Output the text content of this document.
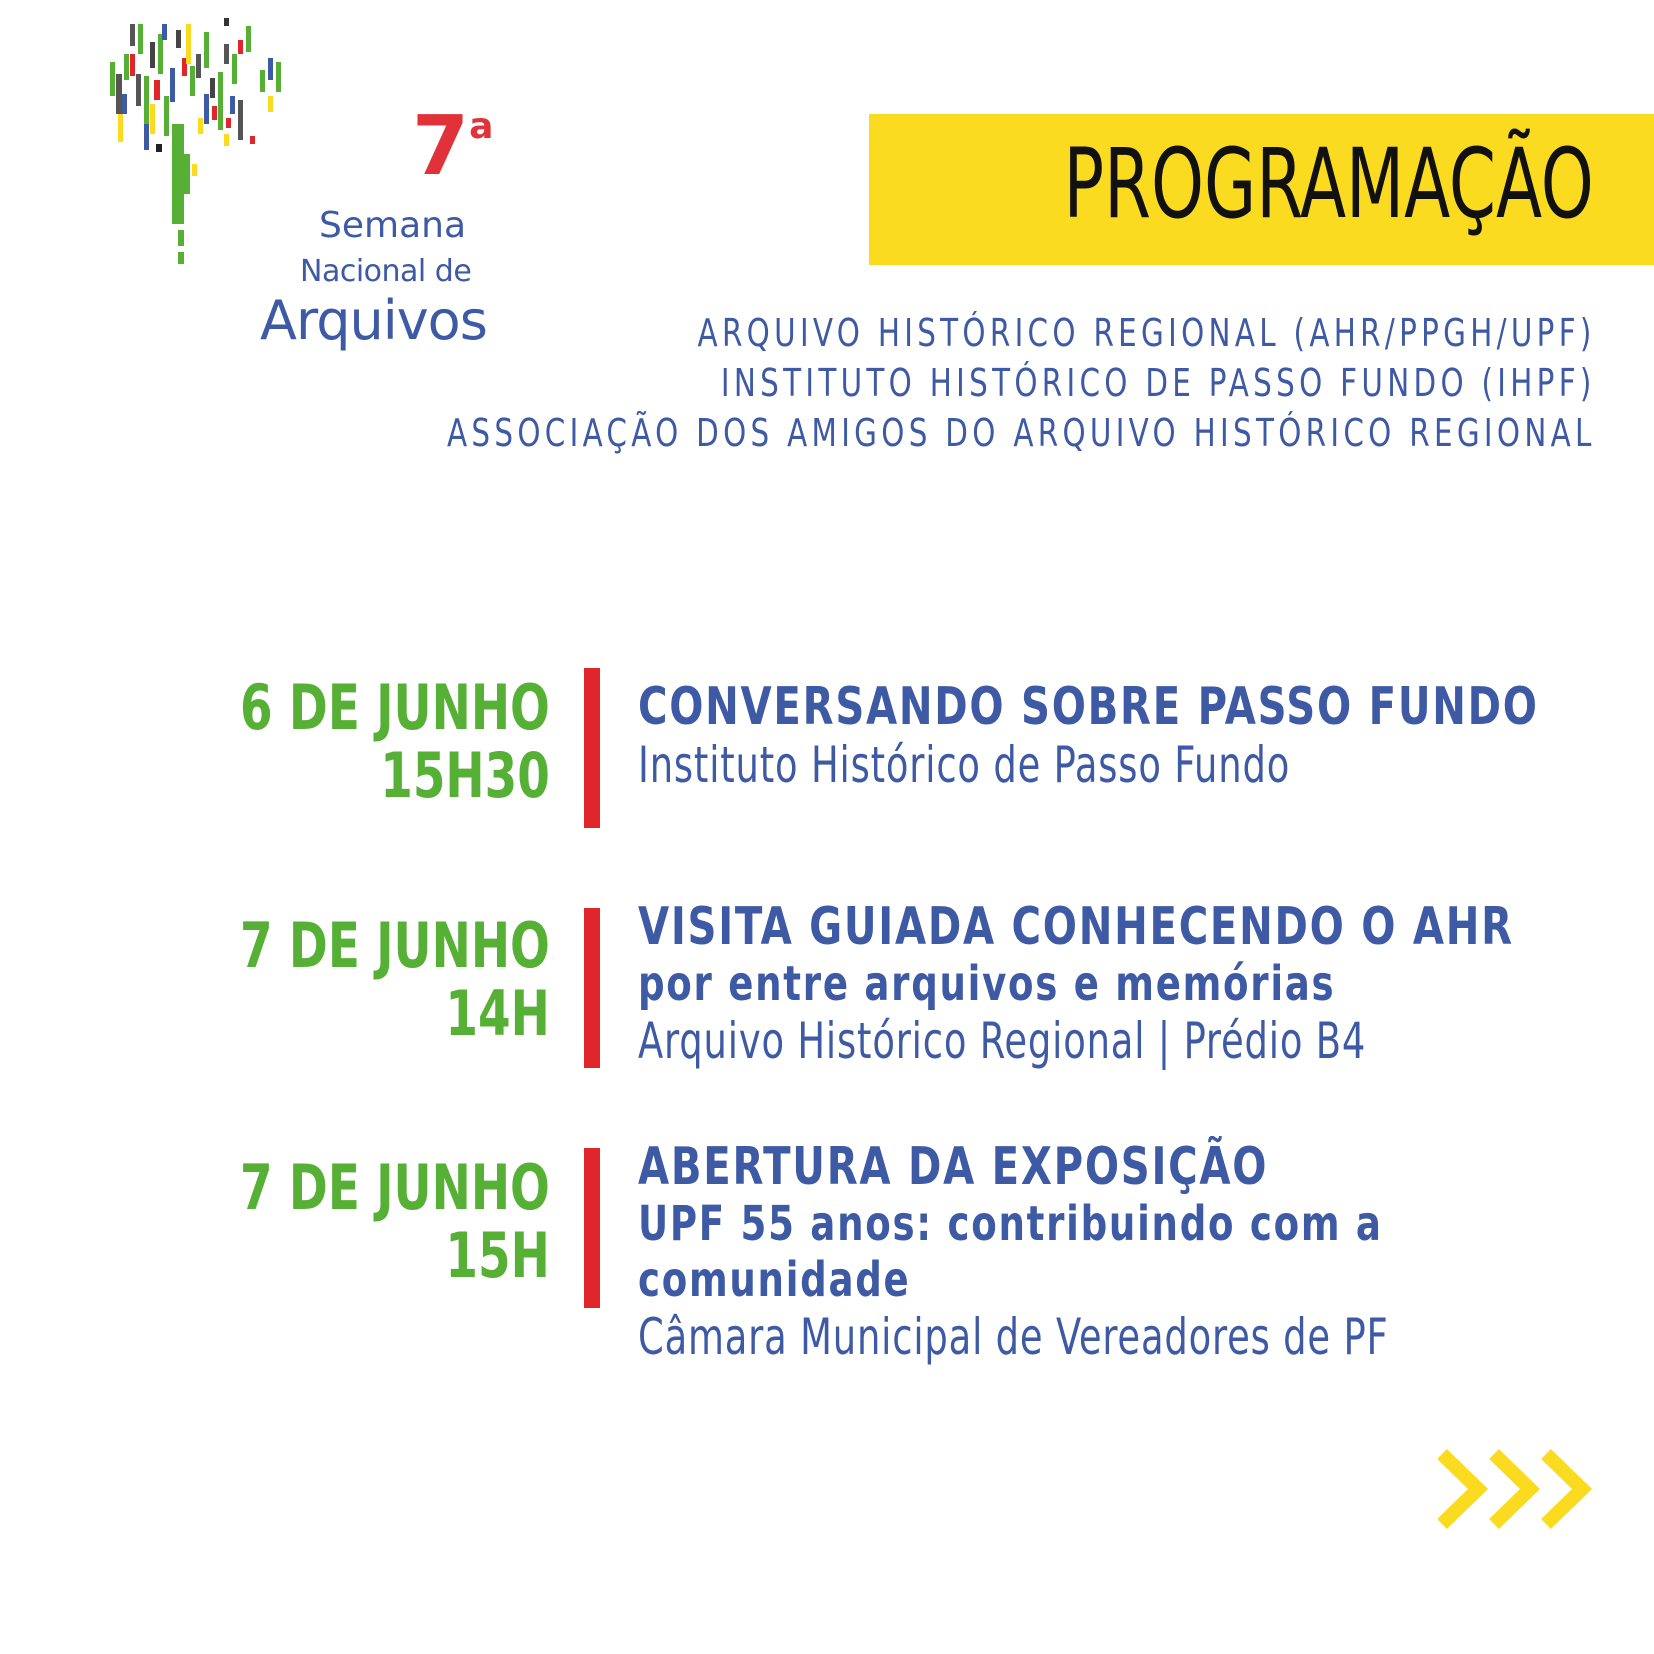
7$^a$
Semana
Nacional de
Arquivos
PROGRAMAÇÃO
ARQUIVO HISTÓRICO REGIONAL (AHR/PPGH/UPF)
INSTITUTO HISTÓRICO DE PASSO FUNDO (IHPF)
ASSOCIAÇÃO DOS AMIGOS DO ARQUIVO HISTÓRICO REGIONAL
6 DE JUNHO
15H30
CONVERSANDO SOBRE PASSO FUNDO
Instituto Histórico de Passo Fundo
7 DE JUNHO
14H
VISITA GUIADA CONHECENDO O AHR
por entre arquivos e memórias
Arquivo Histórico Regional | Prédio B4
7 DE JUNHO
15H
ABERTURA DA EXPOSIÇÃO
UPF 55 anos: contribuindo com a
comunidade
Câmara Municipal de Vereadores de PF
